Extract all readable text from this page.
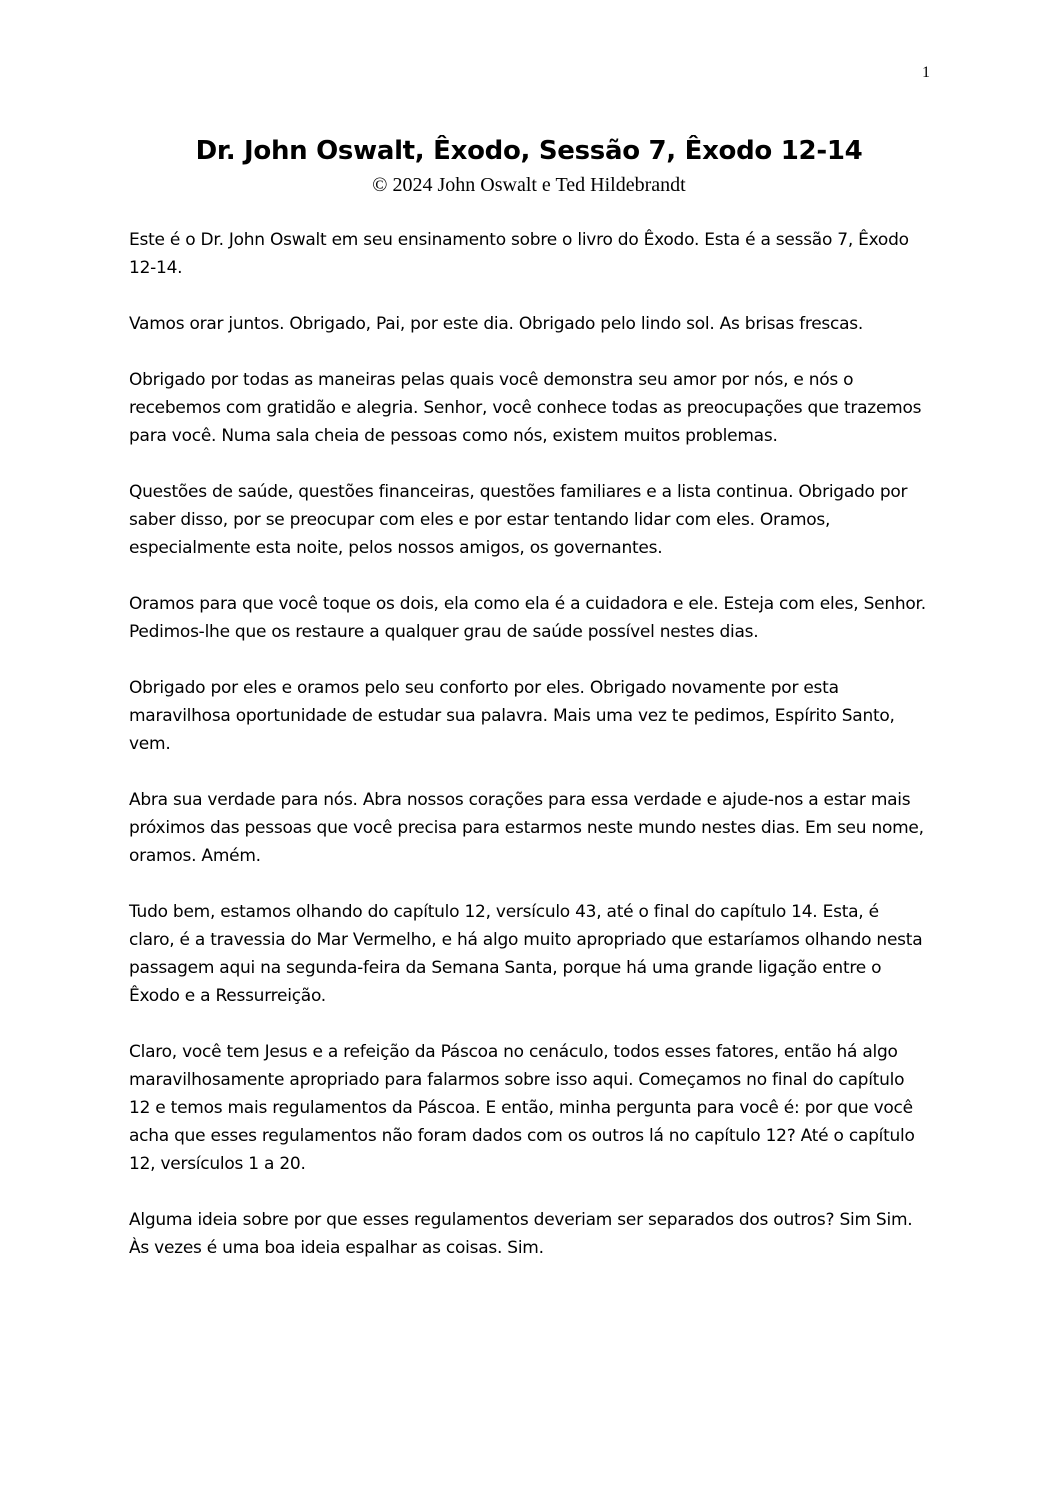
1
Dr. John Oswalt, Êxodo, Sessão 7, Êxodo 12-14
© 2024 John Oswalt e Ted Hildebrandt

Este é o Dr. John Oswalt em seu ensinamento sobre o livro do Êxodo. Esta é a sessão 7, Êxodo 12-14.

Vamos orar juntos. Obrigado, Pai, por este dia. Obrigado pelo lindo sol. As brisas frescas.

Obrigado por todas as maneiras pelas quais você demonstra seu amor por nós, e nós o recebemos com gratidão e alegria. Senhor, você conhece todas as preocupações que trazemos para você. Numa sala cheia de pessoas como nós, existem muitos problemas.

Questões de saúde, questões financeiras, questões familiares e a lista continua. Obrigado por saber disso, por se preocupar com eles e por estar tentando lidar com eles. Oramos, especialmente esta noite, pelos nossos amigos, os governantes.

Oramos para que você toque os dois, ela como ela é a cuidadora e ele. Esteja com eles, Senhor. Pedimos-lhe que os restaure a qualquer grau de saúde possível nestes dias.

Obrigado por eles e oramos pelo seu conforto por eles. Obrigado novamente por esta maravilhosa oportunidade de estudar sua palavra. Mais uma vez te pedimos, Espírito Santo, vem.

Abra sua verdade para nós. Abra nossos corações para essa verdade e ajude-nos a estar mais próximos das pessoas que você precisa para estarmos neste mundo nestes dias. Em seu nome, oramos. Amém.

Tudo bem, estamos olhando do capítulo 12, versículo 43, até o final do capítulo 14. Esta, é claro, é a travessia do Mar Vermelho, e há algo muito apropriado que estaríamos olhando nesta passagem aqui na segunda-feira da Semana Santa, porque há uma grande ligação entre o Êxodo e a Ressurreição.

Claro, você tem Jesus e a refeição da Páscoa no cenáculo, todos esses fatores, então há algo maravilhosamente apropriado para falarmos sobre isso aqui. Começamos no final do capítulo 12 e temos mais regulamentos da Páscoa. E então, minha pergunta para você é: por que você acha que esses regulamentos não foram dados com os outros lá no capítulo 12? Até o capítulo 12, versículos 1 a 20.

Alguma ideia sobre por que esses regulamentos deveriam ser separados dos outros? Sim Sim. Às vezes é uma boa ideia espalhar as coisas. Sim.
